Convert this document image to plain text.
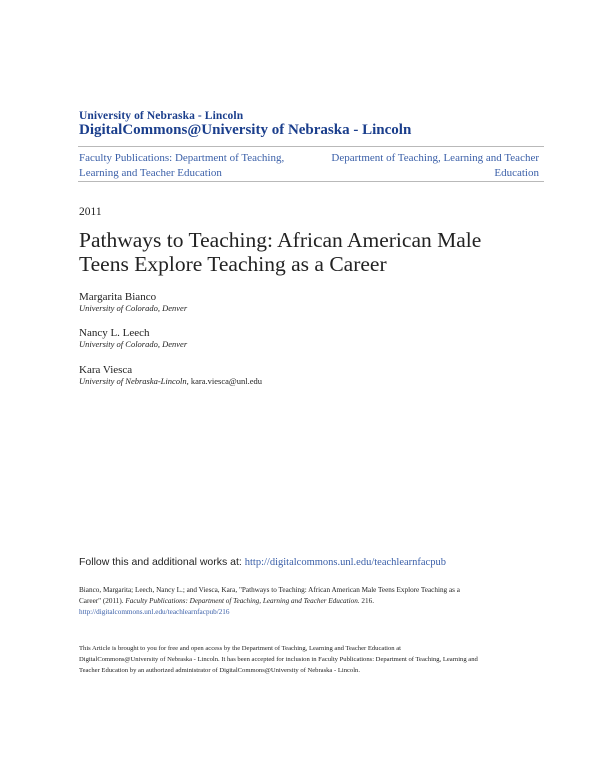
University of Nebraska - Lincoln
DigitalCommons@University of Nebraska - Lincoln
Faculty Publications: Department of Teaching, Learning and Teacher Education
Department of Teaching, Learning and Teacher Education
2011
Pathways to Teaching: African American Male Teens Explore Teaching as a Career
Margarita Bianco
University of Colorado, Denver
Nancy L. Leech
University of Colorado, Denver
Kara Viesca
University of Nebraska-Lincoln, kara.viesca@unl.edu
Follow this and additional works at: http://digitalcommons.unl.edu/teachlearnfacpub
Bianco, Margarita; Leech, Nancy L.; and Viesca, Kara, "Pathways to Teaching: African American Male Teens Explore Teaching as a
Career" (2011). Faculty Publications: Department of Teaching, Learning and Teacher Education. 216.
http://digitalcommons.unl.edu/teachlearnfacpub/216
This Article is brought to you for free and open access by the Department of Teaching, Learning and Teacher Education at
DigitalCommons@University of Nebraska - Lincoln. It has been accepted for inclusion in Faculty Publications: Department of Teaching, Learning and
Teacher Education by an authorized administrator of DigitalCommons@University of Nebraska - Lincoln.
